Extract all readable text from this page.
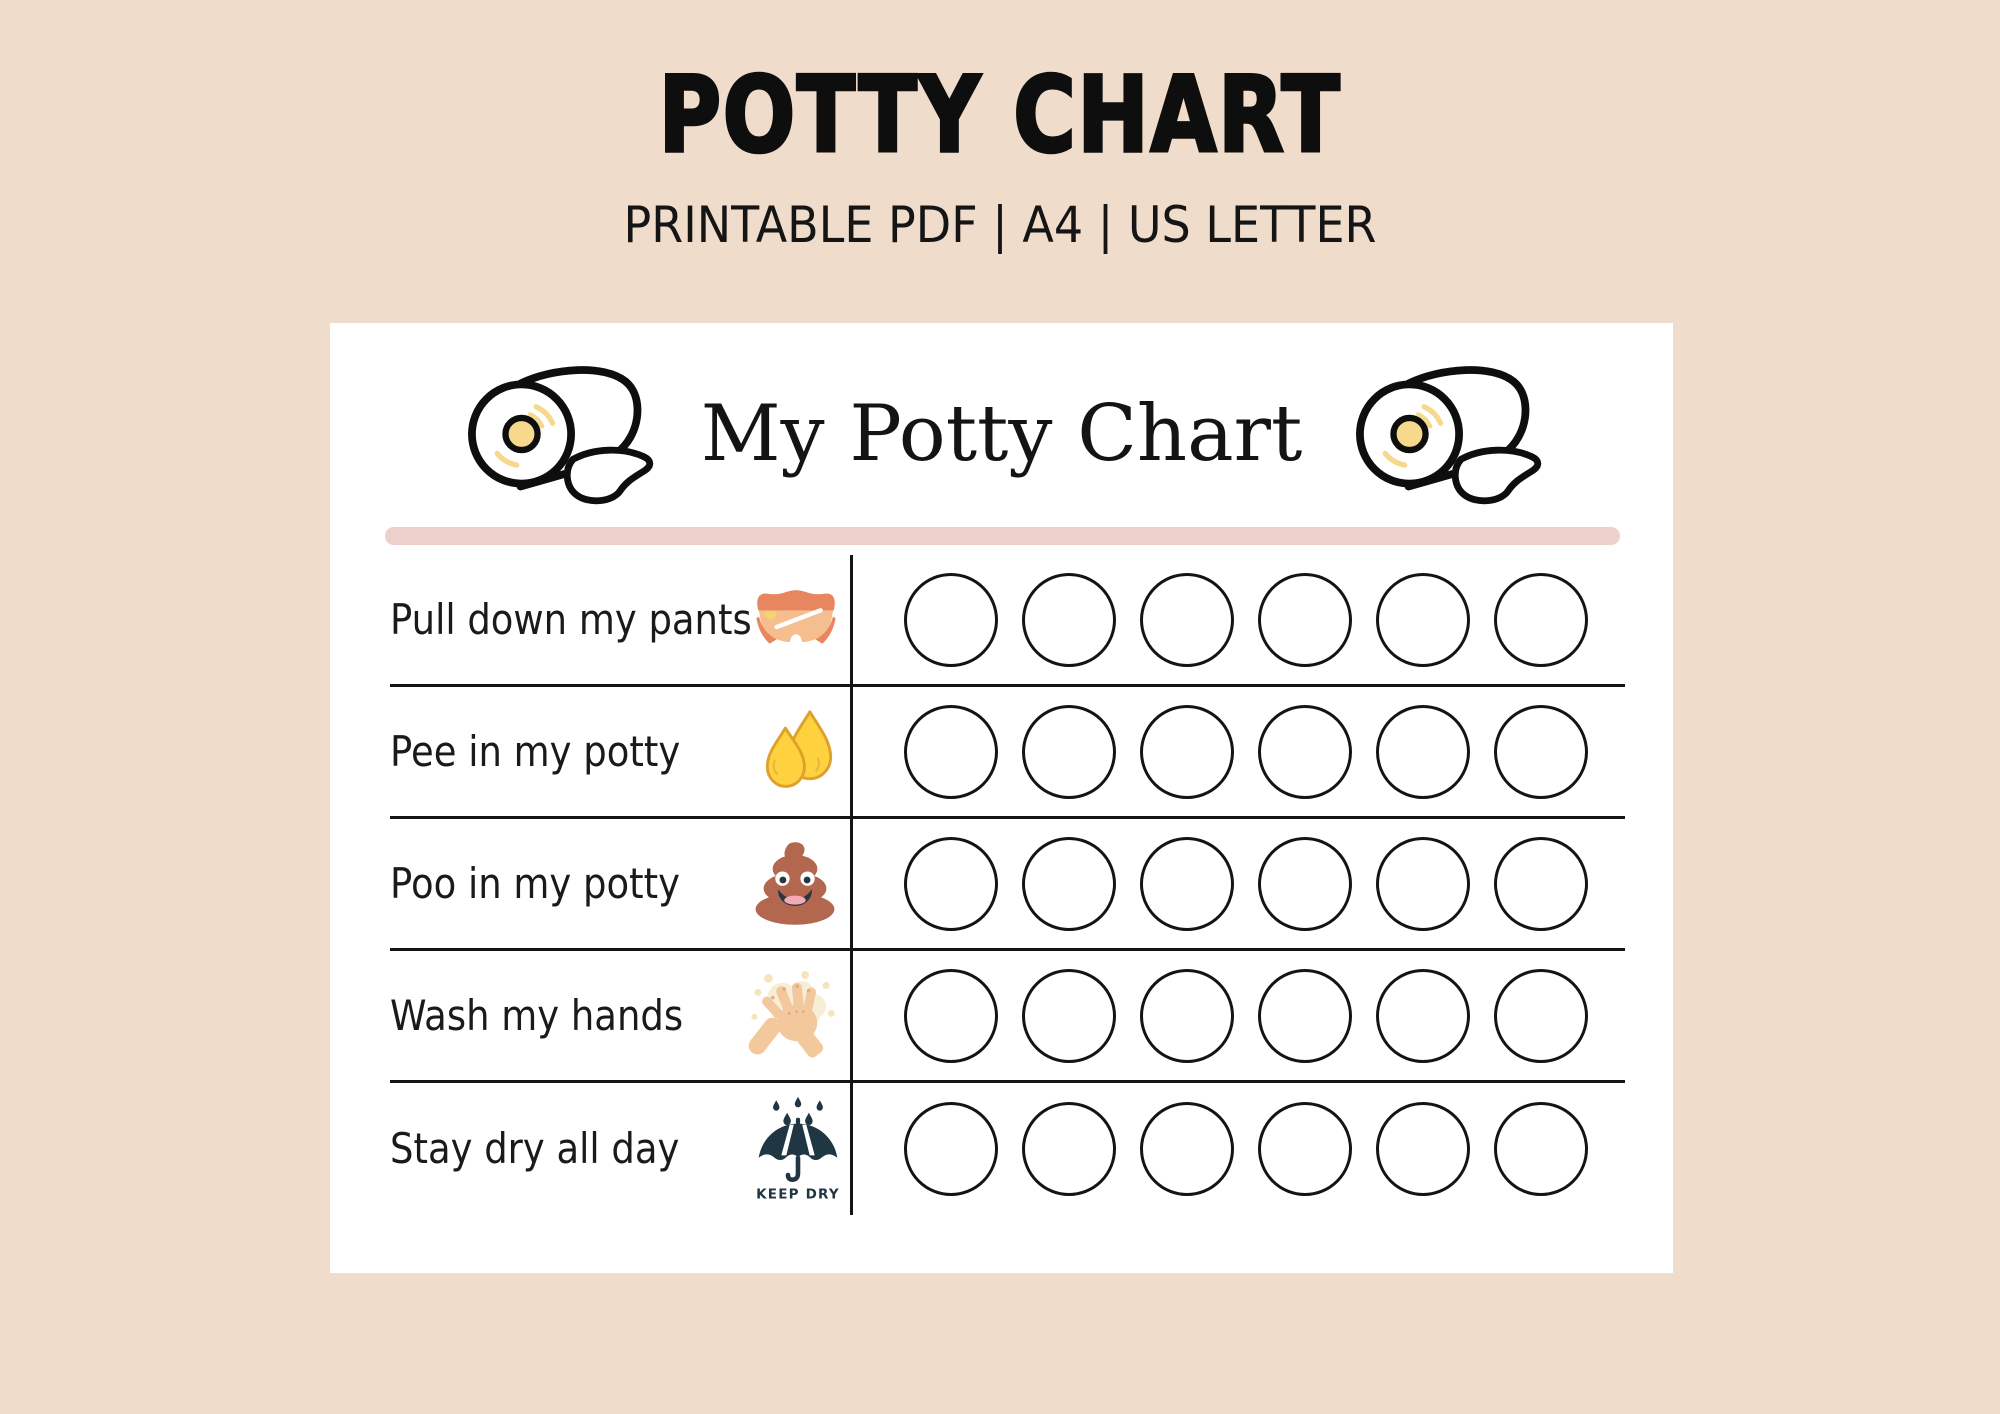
POTTY CHART
PRINTABLE PDF | A4 | US LETTER
My Potty Chart
Pull down my pants
Pee in my potty
Poo in my potty
Wash my hands
Stay dry all day
KEEP DRY
